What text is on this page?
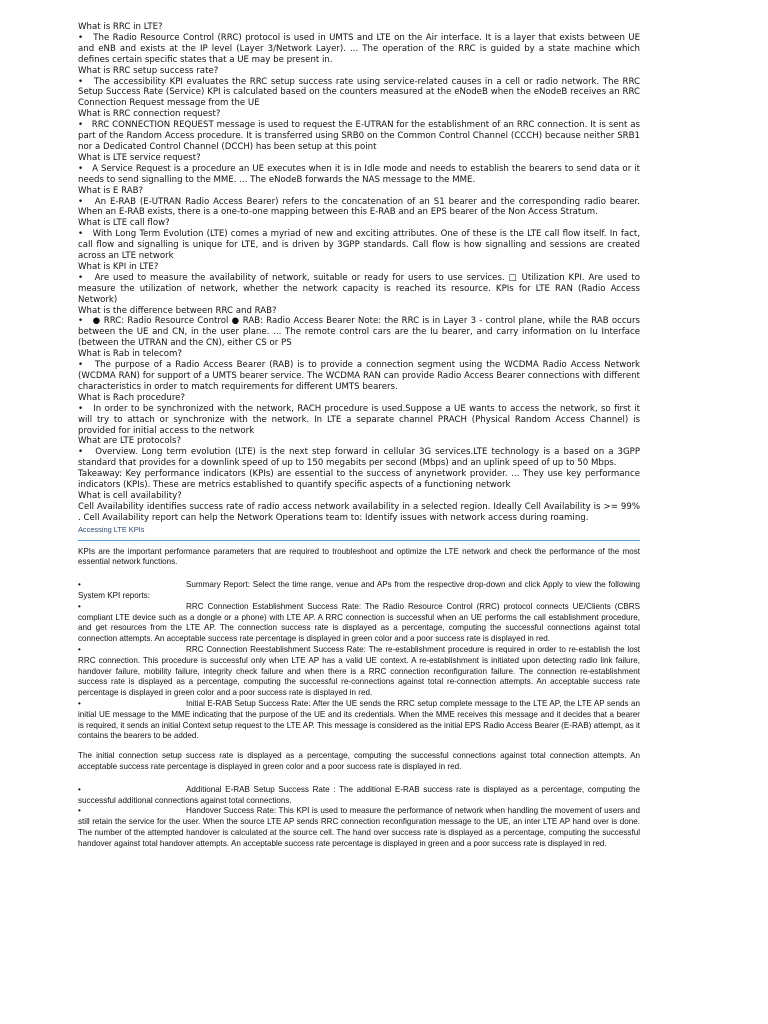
What is RRC in LTE?

•   The Radio Resource Control (RRC) protocol is used in UMTS and LTE on the Air interface. It is a layer that exists between UE and eNB and exists at the IP level (Layer 3/Network Layer). ... The operation of the RRC is guided by a state machine which defines certain specific states that a UE may be present in.

What is RRC setup success rate?

•   The accessibility KPI evaluates the RRC setup success rate using service-related causes in a cell or radio network. The RRC Setup Success Rate (Service) KPI is calculated based on the counters measured at the eNodeB when the eNodeB receives an RRC Connection Request message from the UE

What is RRC connection request?

•   RRC CONNECTION REQUEST message is used to request the E-UTRAN for the establishment of an RRC connection. It is sent as part of the Random Access procedure. It is transferred using SRB0 on the Common Control Channel (CCCH) because neither SRB1 nor a Dedicated Control Channel (DCCH) has been setup at this point

What is LTE service request?

•   A Service Request is a procedure an UE executes when it is in Idle mode and needs to establish the bearers to send data or it needs to send signalling to the MME. ... The eNodeB forwards the NAS message to the MME.

What is E RAB?

•   An E-RAB (E-UTRAN Radio Access Bearer) refers to the concatenation of an S1 bearer and the corresponding radio bearer. When an E-RAB exists, there is a one-to-one mapping between this E-RAB and an EPS bearer of the Non Access Stratum.

What is LTE call flow?

•   With Long Term Evolution (LTE) comes a myriad of new and exciting attributes. One of these is the LTE call flow itself. In fact, call flow and signalling is unique for LTE, and is driven by 3GPP standards. Call flow is how signalling and sessions are created across an LTE network

What is KPI in LTE?

•   Are used to measure the availability of network, suitable or ready for users to use services. □ Utilization KPI. Are used to measure the utilization of network, whether the network capacity is reached its resource. KPIs for LTE RAN (Radio Access Network)

What is the difference between RRC and RAB?

•   ● RRC: Radio Resource Control ● RAB: Radio Access Bearer Note: the RRC is in Layer 3 - control plane, while the RAB occurs between the UE and CN, in the user plane. ... The remote control cars are the Iu bearer, and carry information on Iu Interface (between the UTRAN and the CN), either CS or PS

What is Rab in telecom?

•   The purpose of a Radio Access Bearer (RAB) is to provide a connection segment using the WCDMA Radio Access Network (WCDMA RAN) for support of a UMTS bearer service. The WCDMA RAN can provide Radio Access Bearer connections with different characteristics in order to match requirements for different UMTS bearers.

What is Rach procedure?

•   In order to be synchronized with the network, RACH procedure is used.Suppose a UE wants to access the network, so first it will try to attach or synchronize with the network. In LTE a separate channel PRACH (Physical Random Access Channel) is provided for initial access to the network

What are LTE protocols?

•   Overview. Long term evolution (LTE) is the next step forward in cellular 3G services.LTE technology is a based on a 3GPP standard that provides for a downlink speed of up to 150 megabits per second (Mbps) and an uplink speed of up to 50 Mbps.

Takeaway: Key performance indicators (KPIs) are essential to the success of anynetwork provider. ... They use key performance indicators (KPIs). These are metrics established to quantify specific aspects of a functioning network

What is cell availability?

Cell Availability identifies success rate of radio access network availability in a selected region. Ideally Cell Availability is >= 99% . Cell Availability report can help the Network Operations team to: Identify issues with network access during roaming.

Accessing LTE KPIs

KPIs are the important performance parameters that are required to troubleshoot and optimize the LTE network and check the performance of the most essential network functions.

•	Summary Report: Select the time range, venue and APs from the respective drop-down and click Apply to view the following System KPI reports:

•	RRC Connection Establishment Success Rate: The Radio Resource Control (RRC) protocol connects UE/Clients (CBRS compliant LTE device such as a dongle or a phone) with LTE AP. A RRC connection is successful when an UE performs the call establishment procedure, and get resources from the LTE AP. The connection success rate is displayed as a percentage, computing the successful connections against total connection attempts. An acceptable success rate percentage is displayed in green color and a poor success rate is displayed in red.

•	RRC Connection Reestablishment Success Rate: The re-establishment procedure is required in order to re-establish the lost RRC connection. This procedure is successful only when LTE AP has a valid UE context. A re-establishment is initiated upon detecting radio link failure, handover failure, mobility failure, integrity check failure and when there is a RRC connection reconfiguration failure. The connection re-establishment success rate is displayed as a percentage, computing the successful re-connections against total re-connection attempts. An acceptable success rate percentage is displayed in green color and a poor success rate is displayed in red.

•	Initial E-RAB Setup Success Rate: After the UE sends the RRC setup complete message to the LTE AP, the LTE AP sends an initial UE message to the MME indicating that the purpose of the UE and its credentials. When the MME receives this message and it decides that a bearer is required, it sends an initial Context setup request to the LTE AP. This message is considered as the initial EPS Radio Access Bearer (E-RAB) attempt, as it contains the bearers to be added.

The initial connection setup success rate is displayed as a percentage, computing the successful connections against total connection attempts. An acceptable success rate percentage is displayed in green color and a poor success rate is displayed in red.

•	Additional E-RAB Setup Success Rate : The additional E-RAB success rate is displayed as a percentage, computing the successful additional connections against total connections.

•	Handover Success Rate: This KPI is used to measure the performance of network when handling the movement of users and still retain the service for the user. When the source LTE AP sends RRC connection reconfiguration message to the UE, an inter LTE AP hand over is done. The number of the attempted handover is calculated at the source cell. The hand over success rate is displayed as a percentage, computing the successful handover against total handover attempts. An acceptable success rate percentage is displayed in green and a poor success rate is displayed in red.
